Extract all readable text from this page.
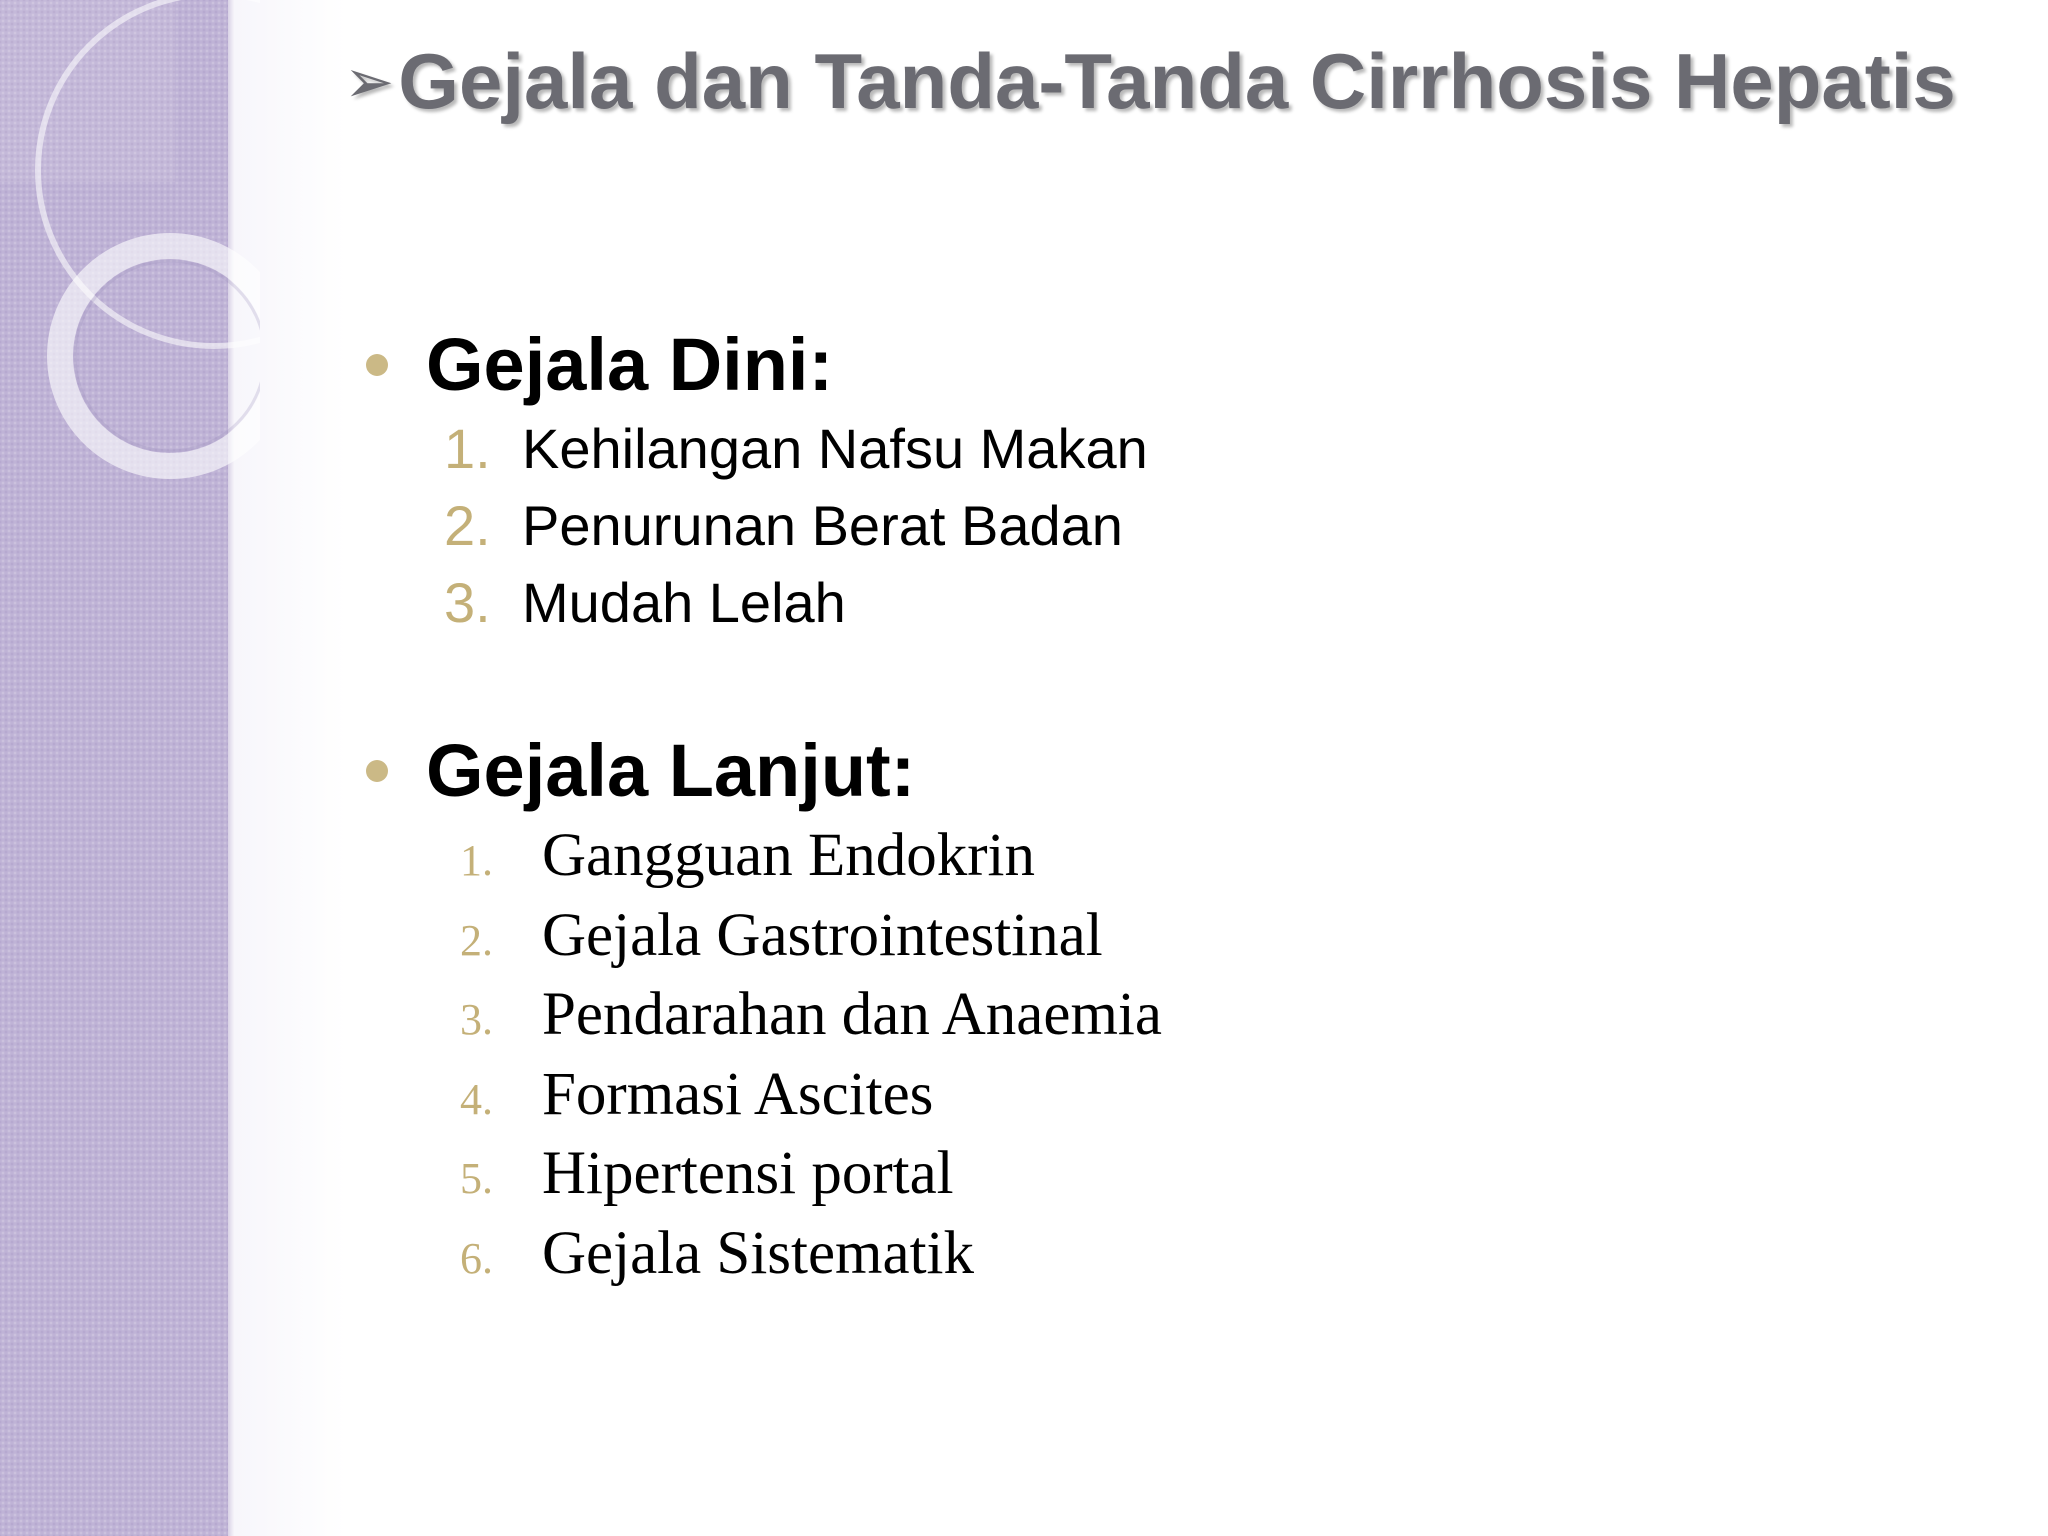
➢Gejala dan Tanda-Tanda Cirrhosis Hepatis
Gejala Dini:
1. Kehilangan Nafsu Makan
2. Penurunan Berat Badan
3. Mudah Lelah
Gejala Lanjut:
1. Gangguan Endokrin
2. Gejala Gastrointestinal
3. Pendarahan dan Anaemia
4. Formasi Ascites
5. Hipertensi portal
6. Gejala Sistematik
